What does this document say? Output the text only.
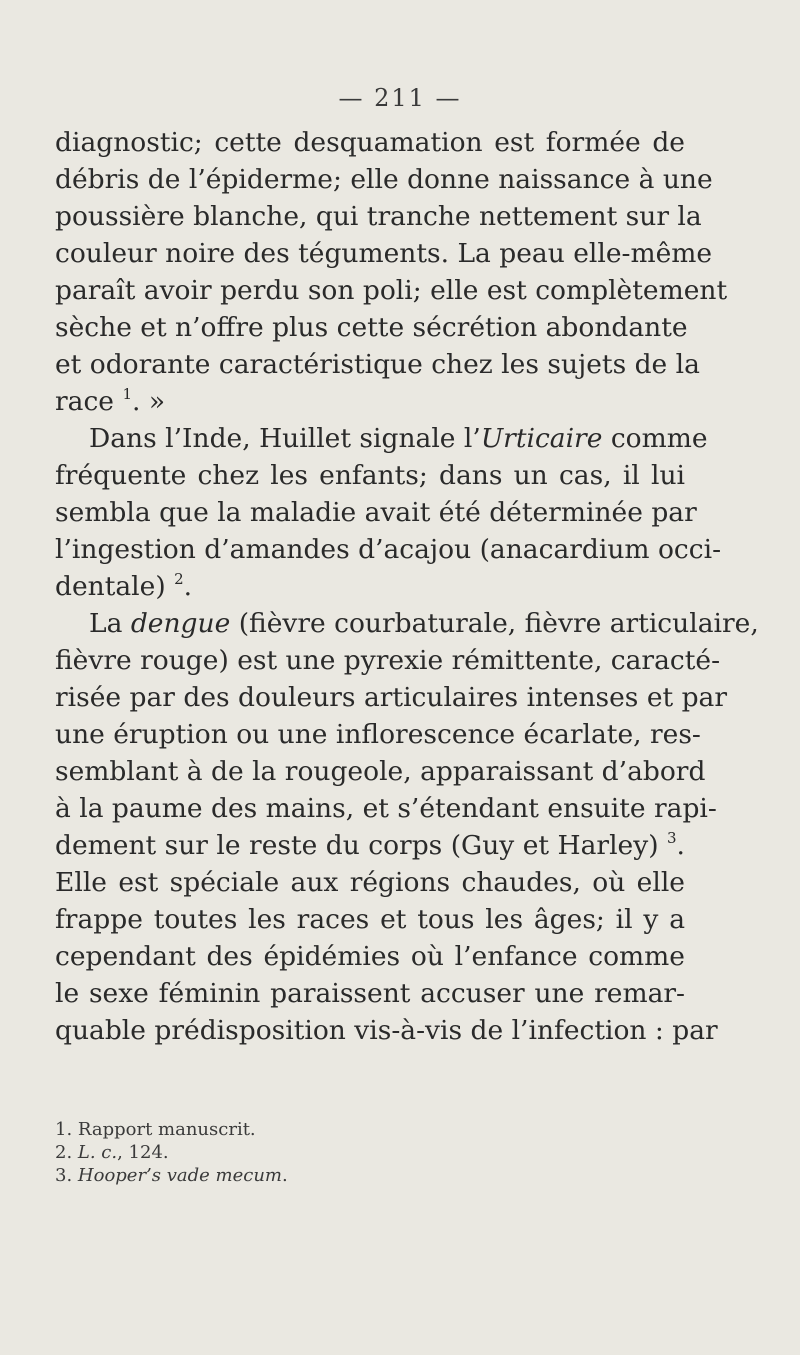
— 211 —
diagnostic; cette desquamation est formée de
débris de l’épiderme; elle donne naissance à une
poussière blanche, qui tranche nettement sur la
couleur noire des téguments. La peau elle-même
paraît avoir perdu son poli; elle est complètement
sèche et n’offre plus cette sécrétion abondante
et odorante caractéristique chez les sujets de la
race $^1$. »
Dans l’Inde, Huillet signale l’Urticaire comme
fréquente chez les enfants; dans un cas, il lui
sembla que la maladie avait été déterminée par
l’ingestion d’amandes d’acajou (anacardium occi-
dentale) $^2$.
La dengue (fièvre courbaturale, fièvre articulaire,
fièvre rouge) est une pyrexie rémittente, caracté-
risée par des douleurs articulaires intenses et par
une éruption ou une inflorescence écarlate, res-
semblant à de la rougeole, apparaissant d’abord
à la paume des mains, et s’étendant ensuite rapi-
dement sur le reste du corps (Guy et Harley) $^3$.
Elle est spéciale aux régions chaudes, où elle
frappe toutes les races et tous les âges; il y a
cependant des épidémies où l’enfance comme
le sexe féminin paraissent accuser une remar-
quable prédisposition vis-à-vis de l’infection : par
1. Rapport manuscrit.
2. L. c., 124.
3. Hooper’s vade mecum.
